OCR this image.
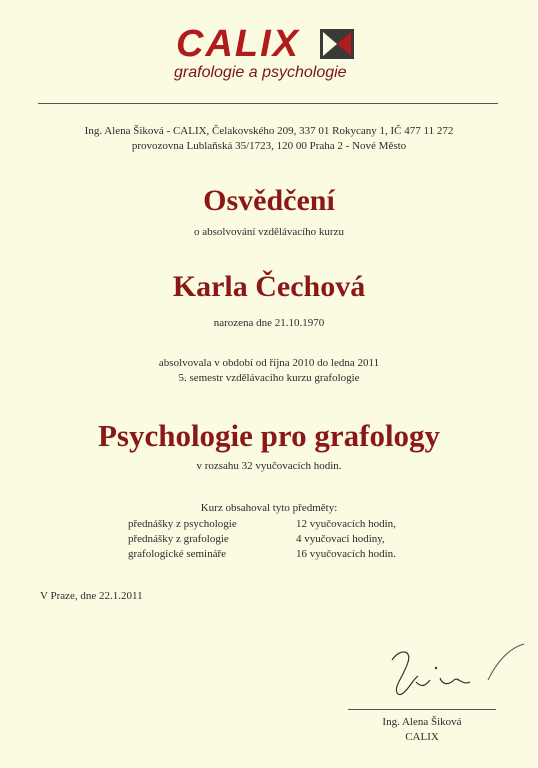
CALIX
grafologie a psychologie
Ing. Alena Šiková - CALIX, Čelakovského 209, 337 01 Rokycany 1, IČ 477 11 272
provozovna Lublaňská 35/1723, 120 00 Praha 2 - Nové Město
Osvědčení
o absolvování vzdělávacího kurzu
Karla Čechová
narozena dne 21.10.1970
absolvovala v období od října 2010 do ledna 2011
5. semestr vzdělávacího kurzu grafologie
Psychologie pro grafology
v rozsahu 32 vyučovacích hodin.
Kurz obsahoval tyto předměty:
přednášky z psychologie	12 vyučovacích hodin,
přednášky z grafologie	4 vyučovací hodiny,
grafologické semináře	16 vyučovacích hodin.
V Praze, dne 22.1.2011
Ing. Alena Šiková
CALIX
